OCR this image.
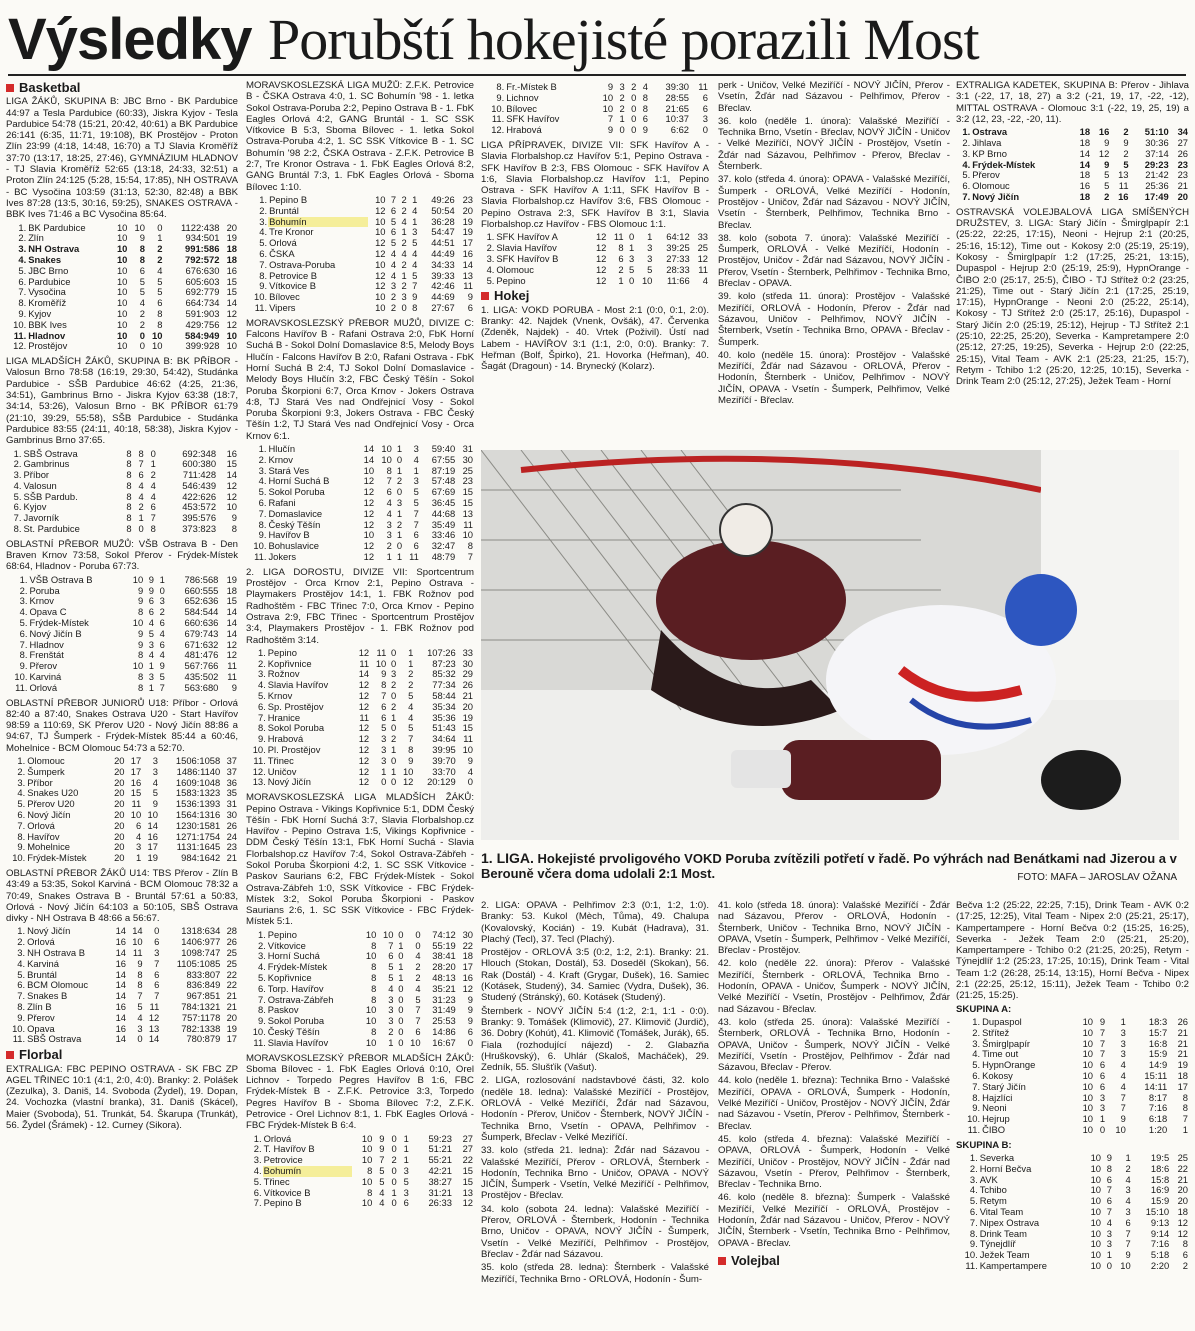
Výsledky Porubští hokejisté porazili Most
Basketbal

LIGA ŽÁKŮ, SKUPINA B: JBC Brno - BK Pardubice 44:97 a Tesla Pardubice (60:33), Jiskra Kyjov - Tesla Pardubice 54:78 (15:21, 20:42, 40:61) a BK Pardubice 26:141 (6:35, 11:71, 19:108), BK Prostějov - Proton Zlín 23:99 (4:18, 14:48, 16:70) a TJ Slavia Kroměříž 37:70 (13:17, 18:25, 27:46), GYMNÁZIUM HLADNOV - TJ Slavia Kroměříž 52:65 (13:18, 24:33, 32:51) a Proton Zlín 24:125 (5:28, 15:54, 17:85), NH OSTRAVA - BC Vysočina 103:59 (31:13, 52:30, 82:48) a BBK Ives 87:28 (13:5, 30:16, 59:25), SNAKES OSTRAVA - BBK Ives 71:46 a BC Vysočina 85:64.

1.	BK Pardubice	10	10	0	1122:438	20
2.	Zlín	10	9	1	934:501	19
3.	NH Ostrava	10	8	2	991:586	18
4.	Snakes	10	8	2	792:572	18
5.	JBC Brno	10	6	4	676:630	16
6.	Pardubice	10	5	5	605:603	15
7.	Vysočina	10	5	5	692:779	15
8.	Kroměříž	10	4	6	664:734	14
9.	Kyjov	10	2	8	591:903	12
10.	BBK Ives	10	2	8	429:756	12
11.	Hladnov	10	0	10	584:949	10
12.	Prostějov	10	0	10	399:928	10

LIGA MLADŠÍCH ŽÁKŮ, SKUPINA B: BK PŘÍBOR - Valosun Brno 78:58 (16:19, 29:30, 54:42), Studánka Pardubice - SŠB Pardubice 46:62 (4:25, 21:36, 34:51), Gambrinus Brno - Jiskra Kyjov 63:38 (18:7, 34:14, 53:26), Valosun Brno - BK PŘÍBOR 61:79 (21:10, 39:29, 55:58), SŠB Pardubice - Studánka Pardubice 83:55 (24:11, 40:18, 58:38), Jiskra Kyjov - Gambrinus Brno 37:65.

1.	SBŠ Ostrava	8	8	0	692:348	16
2.	Gambrinus	8	7	1	600:380	15
3.	Příbor	8	6	2	711:428	14
4.	Valosun	8	4	4	546:439	12
5.	SŠB Pardub.	8	4	4	422:626	12
6.	Kyjov	8	2	6	453:572	10
7.	Javorník	8	1	7	395:576	9
8.	St. Pardubice	8	0	8	373:823	8

OBLASTNÍ PŘEBOR MUŽŮ: VŠB Ostrava B - Den Braven Krnov 73:58, Sokol Přerov - Frýdek-Místek 68:64, Hladnov - Poruba 67:73.

1.	VŠB Ostrava B	10	9	1	786:568	19
2.	Poruba	9	9	0	660:555	18
3.	Krnov	9	6	3	652:636	15
4.	Opava C	8	6	2	584:544	14
5.	Frýdek-Místek	10	4	6	660:636	14
6.	Nový Jičín B	9	5	4	679:743	14
7.	Hladnov	9	3	6	671:632	12
8.	Frenštát	8	4	4	481:476	12
9.	Přerov	10	1	9	567:766	11
10.	Karviná	8	3	5	435:502	11
11.	Orlová	8	1	7	563:680	9

OBLASTNÍ PŘEBOR JUNIORŮ U18: Příbor - Orlová 82:40 a 87:40, Snakes Ostrava U20 - Start Havířov 98:59 a 110:69, SK Přerov U20 - Nový Jičín 88:86 a 94:67, TJ Šumperk - Frýdek-Místek 85:44 a 60:46, Mohelnice - BCM Olomouc 54:73 a 52:70.

1.	Olomouc	20	17	3	1506:1058	37
2.	Šumperk	20	17	3	1486:1140	37
3.	Příbor	20	16	4	1609:1048	36
4.	Snakes U20	20	15	5	1583:1323	35
5.	Přerov U20	20	11	9	1536:1393	31
6.	Nový Jičín	20	10	10	1564:1316	30
7.	Orlová	20	6	14	1230:1581	26
8.	Havířov	20	4	16	1271:1754	24
9.	Mohelnice	20	3	17	1131:1645	23
10.	Frýdek-Místek	20	1	19	984:1642	21

OBLASTNÍ PŘEBOR ŽÁKŮ U14: TBS Přerov - Zlín B 43:49 a 53:35, Sokol Karviná - BCM Olomouc 78:32 a 70:49, Snakes Ostrava B - Bruntál 57:61 a 50:83, Orlová - Nový Jičín 64:103 a 50:105, SBŠ Ostrava divky - NH Ostrava B 48:66 a 56:67.

1.	Nový Jičín	14	14	0	1318:634	28
2.	Orlová	16	10	6	1406:977	26
3.	NH Ostrava B	14	11	3	1098:747	25
4.	Karviná	16	9	7	1105:1085	25
5.	Bruntál	14	8	6	833:807	22
6.	BCM Olomouc	14	8	6	836:849	22
7.	Snakes B	14	7	7	967:851	21
8.	Zlín B	16	5	11	784:1321	21
9.	Přerov	14	4	12	757:1178	20
10.	Opava	16	3	13	782:1338	19
11.	SBŠ Ostrava	14	0	14	780:879	17
Florbal

EXTRALIGA: FBC PEPINO OSTRAVA - SK FBC ZP AGEL TŘINEC 10:1 (4:1, 2:0, 4:0). Branky: 2. Polášek (Zezulka), 3. Daniš, 14. Svoboda (Žydel), 19. Dopan, 24. Vochozka (vlastní branka), 31. Daniš (Skácel), Maier (Svoboda), 51. Trunkát, 54. Škarupa (Trunkát), 56. Žydel (Šrámek) - 12. Curney (Sikora).

MORAVSKOSLEZSKÁ LIGA MUŽŮ: Z.F.K. Petrovice B - ČSKA Ostrava 4:0, 1. SC Bohumín '98 - 1. letka Sokol Ostrava-Poruba 2:2, Pepino Ostrava B - 1. FbK Eagles Orlová 4:2, GANG Bruntál - 1. SC SSK Vítkovice B 5:3, Sboma Bílovec - 1. letka Sokol Ostrava-Poruba 4:2, 1. SC SSK Vítkovice B - 1. SC Bohumín '98 2:2, ČSKA Ostrava - Z.F.K. Petrovice B 2:7, Tre Kronor Ostrava - 1. FbK Eagles Orlová 8:2, GANG Bruntál 7:3, 1. FbK Eagles Orlová - Sboma Bílovec 1:10.

1.	Pepino B	10	7	2	1	49:26	23
2.	Bruntál	12	6	2	4	50:54	20
3.	Bohumín	10	5	4	1	36:28	19
4.	Tre Kronor	10	6	1	3	54:47	19
5.	Orlová	12	5	2	5	44:51	17
6.	ČSKA	12	4	4	4	44:49	16
7.	Ostrava-Poruba	10	4	2	4	34:33	14
8.	Petrovice B	12	4	1	5	39:33	13
9.	Vítkovice B	12	3	2	7	42:46	11
10.	Bílovec	10	2	3	9	44:69	9
11.	Vipers	10	2	0	8	27:67	6

MORAVSKOSLEZSKÝ PŘEBOR MUŽŮ, DIVIZE C: Falcons Havířov B - Rafani Ostrava 2:0, FbK Horní Suchá B - Sokol Dolní Domaslavice 8:5, Melody Boys Hlučín - Falcons Havířov B 2:0, Rafani Ostrava - FbK Horní Suchá B 2:4, TJ Sokol Dolní Domaslavice - Melody Boys Hlučín 3:2, FBC Český Těšín - Sokol Poruba Škorpioni 6:7, Orca Krnov - Jokers Ostrava 4:8, TJ Stará Ves nad Ondřejnicí Vosy - Sokol Poruba Škorpioni 9:3, Jokers Ostrava - FBC Český Těšín 1:2, TJ Stará Ves nad Ondřejnicí Vosy - Orca Krnov 6:1.

1.	Hlučín	14	10	1	3	59:40	31
2.	Krnov	14	10	0	4	67:55	30
3.	Stará Ves	10	8	1	1	87:19	25
4.	Horní Suchá B	12	7	2	3	57:48	23
5.	Sokol Poruba	12	6	0	5	67:69	15
6.	Rafani	12	4	3	5	36:45	15
7.	Domaslavice	12	4	1	7	44:68	13
8.	Český Těšín	12	3	2	7	35:49	11
9.	Havířov B	10	3	1	6	33:46	10
10.	Bohuslavice	12	2	0	6	32:47	8
11.	Jokers	12	1	1	11	48:79	7

2. LIGA DOROSTU, DIVIZE VII: Sportcentrum Prostějov - Orca Krnov 2:1, Pepino Ostrava - Playmakers Prostějov 14:1, 1. FBK Rožnov pod Radhoštěm - FBC Třinec 7:0, Orca Krnov - Pepino Ostrava 2:9, FBC Třinec - Sportcentrum Prostějov 3:4, Playmakers Prostějov - 1. FBK Rožnov pod Radhoštěm 3:14.

1.	Pepino	12	11	0	1	107:26	33
2.	Kopřivnice	11	10	0	1	87:23	30
3.	Rožnov	14	9	3	2	85:32	29
4.	Slavia Havířov	12	8	2	2	77:34	26
5.	Krnov	12	7	0	5	58:44	21
6.	Sp. Prostějov	12	6	2	4	35:34	20
7.	Hranice	11	6	1	4	35:36	19
8.	Sokol Poruba	12	5	0	5	51:43	15
9.	Hrabová	12	3	2	7	34:64	11
10.	Pl. Prostějov	12	3	1	8	39:95	10
11.	Třinec	12	3	0	9	39:70	9
12.	Uničov	12	1	1	10	33:70	4
13.	Nový Jičín	12	0	0	12	20:129	0

MORAVSKOSLEZSKÁ LIGA MLADŠÍCH ŽÁKŮ: Pepino Ostrava - Vikings Kopřivnice 5:1, DDM Český Těšín - FbK Horní Suchá 3:7, Slavia Florbalshop.cz Havířov - Pepino Ostrava 1:5, Vikings Kopřivnice - DDM Český Těšín 13:1, FbK Horní Suchá - Slavia Florbalshop.cz Havířov 7:4, Sokol Ostrava-Zábřeh - Sokol Poruba Škorpioni 4:2, 1. SC SSK Vítkovice - Paskov Saurians 6:2, FBC Frýdek-Místek - Sokol Ostrava-Zábřeh 1:0, SSK Vítkovice - FBC Frýdek-Místek 3:2, Sokol Poruba Škorpioni - Paskov Saurians 2:6, 1. SC SSK Vítkovice - FBC Frýdek-Místek 5:1.

1.	Pepino	10	10	0	0	74:12	30
2.	Vítkovice	8	7	1	0	55:19	22
3.	Horní Suchá	10	6	0	4	38:41	18
4.	Frýdek-Místek	8	5	1	2	28:20	17
5.	Kopřivnice	8	5	1	2	48:13	16
6.	Torp. Havířov	8	4	0	4	35:21	12
7.	Ostrava-Zábřeh	8	3	0	5	31:23	9
8.	Paskov	10	3	0	7	31:49	9
9.	Sokol Poruba	10	3	0	7	25:53	9
10.	Český Těšín	8	2	0	6	14:86	6
11.	Slavia Havířov	10	1	0	10	16:67	0

MORAVSKOSLEZSKÝ PŘEBOR MLADŠÍCH ŽÁKŮ: Sboma Bílovec - 1. FbK Eagles Orlová 0:10, Orel Lichnov - Torpedo Pegres Havířov B 1:6, FBC Frýdek-Místek B - Z.F.K. Petrovice 3:3, Torpedo Pegres Havířov B - Sboma Bílovec 7:2, Z.F.K. Petrovice - Orel Lichnov 8:1, 1. FbK Eagles Orlová - FBC Frýdek-Místek B 6:4.

1.	Orlová	10	9	0	1	59:23	27
2.	T. Havířov B	10	9	0	1	51:21	27
3.	Petrovice	10	7	2	1	55:21	22
4.	Bohumín	8	5	0	3	42:21	15
5.	Třinec	10	5	0	5	38:27	15
6.	Vítkovice B	8	4	1	3	31:21	13
7.	Pepino B	10	4	0	6	26:33	12
8.	Fr.-Místek B	9	3	2	4	39:30	11
9.	Lichnov	10	2	0	8	28:55	6
10.	Bílovec	10	2	0	8	21:65	6
11.	SFK Havířov	7	1	0	6	10:37	3
12.	Hrabová	9	0	0	9	6:62	0

LIGA PŘÍPRAVEK, DIVIZE VII: SFK Havířov A - Slavia Florbalshop.cz Havířov 5:1, Pepino Ostrava - SFK Havířov B 2:3, FBS Olomouc - SFK Havířov A 1:6, Slavia Florbalshop.cz Havířov 1:1, Pepino Ostrava - SFK Havířov A 1:11, SFK Havířov B - Slavia Florbalshop.cz Havířov 3:6, FBS Olomouc - Pepino Ostrava 2:3, SFK Havířov B 3:1, Slavia Florbalshop.cz Havířov - FBS Olomouc 1:1.

1.	SFK Havířov A	12	11	0	1	64:12	33
2.	Slavia Havířov	12	8	1	3	39:25	25
3.	SFK Havířov B	12	6	3	3	27:33	12
4.	Olomouc	12	2	5	5	28:33	11
5.	Pepino	12	1	0	10	11:66	4
Hokej

1. LIGA: VOKD PORUBA - Most 2:1 (0:0, 0:1, 2:0). Branky: 42. Najdek (Vnenk, Ovšák), 47. Červenka (Zdeněk, Najdek) - 40. Vrtek (Poživil). Ústí nad Labem - HAVÍŘOV 3:1 (1:1, 2:0, 0:0). Branky: 7. Heřman (Bolf, Špirko), 21. Hovorka (Heřman), 40. Šagát (Dragoun) - 14. Brynecký (Kolarz).

perk - Uničov, Velké Meziříčí - NOVÝ JIČÍN, Přerov - Vsetín, Žďár nad Sázavou - Pelhřimov, Přerov - Břeclav.

36. kolo (neděle 1. února): Valašské Meziříčí - Technika Brno, Vsetín - Břeclav, NOVÝ JIČÍN - Uničov - Velké Meziříčí, NOVÝ JIČÍN - Prostějov, Vsetín - Žďár nad Sázavou, Pelhřimov - Přerov, Břeclav - Šternberk.

37. kolo (středa 4. února): OPAVA - Valašské Meziříčí, Šumperk - ORLOVÁ, Velké Meziříčí - Hodonín, Prostějov - Uničov, Žďár nad Sázavou - NOVÝ JIČÍN, Vsetín - Šternberk, Pelhřimov, Technika Brno - Břeclav.

38. kolo (sobota 7. února): Valašské Meziříčí - Šumperk, ORLOVÁ - Velké Meziříčí, Hodonín - Prostějov, Uničov - Žďár nad Sázavou, NOVÝ JIČÍN - Přerov, Vsetín - Šternberk, Pelhřimov - Technika Brno, Břeclav - OPAVA.

39. kolo (středa 11. února): Prostějov - Valašské Meziříčí, ORLOVÁ - Hodonín, Přerov - Žďár nad Sázavou, Uničov - Pelhřimov, NOVÝ JIČÍN - Šternberk, Vsetín - Technika Brno, OPAVA - Břeclav - Šumperk.

40. kolo (neděle 15. února): Prostějov - Valašské Meziříčí, Žďár nad Sázavou - ORLOVÁ, Přerov - Hodonín, Šternberk - Uničov, Pelhřimov - NOVÝ JIČÍN, OPAVA - Vsetín - Šumperk, Pelhřimov, Velké Meziříčí - Břeclav.

EXTRALIGA KADETEK, SKUPINA B: Přerov - Jihlava 3:1 (-22, 17, 18, 27) a 3:2 (-21, 19, 17, -22, -12), MITTAL OSTRAVA - Olomouc 3:1 (-22, 19, 25, 19) a 3:2 (12, 23, -22, -20, 11).

1.	Ostrava	18	16	2	51:10	34
2.	Jihlava	18	9	9	30:36	27
3.	KP Brno	14	12	2	37:14	26
4.	Frýdek-Místek	14	9	5	29:23	23
5.	Přerov	18	5	13	21:42	23
6.	Olomouc	16	5	11	25:36	21
7.	Nový Jičín	18	2	16	17:49	20

OSTRAVSKÁ VOLEJBALOVÁ LIGA SMÍŠENÝCH DRUŽSTEV, 3. LIGA: Starý Jičín - Šmirglpapír 2:1 (25:22, 22:25, 17:15), Neoni - Hejrup 2:1 (20:25, 25:16, 15:12), Time out - Kokosy 2:0 (25:19, 25:19), Kokosy - Šmirglpapír 1:2 (17:25, 25:21, 13:15), Dupaspol - Hejrup 2:0 (25:19, 25:9), HypnOrange - ČIBO 2:0 (25:17, 25:5), ČIBO - TJ Střítež 0:2 (23:25, 21:25), Time out - Starý Jičín 2:1 (17:25, 25:19, 17:15), HypnOrange - Neoni 2:0 (25:22, 25:14), Kokosy - TJ Střítež 2:0 (25:17, 25:16), Dupaspol - Starý Jičín 2:0 (25:19, 25:12), Hejrup - TJ Střítež 2:1 (25:10, 22:25, 25:20), Severka - Kampretampere 2:0 (25:12, 27:25, 19:25), Severka - Hejrup 2:0 (22:25, 25:15), Vital Team - AVK 2:1 (25:23, 21:25, 15:7), Retym - Tchibo 1:2 (25:20, 12:25, 10:15), Severka - Drink Team 2:0 (25:12, 27:25), Ježek Team - Horní

1. LIGA. Hokejisté prvoligového VOKD Poruba zvítězili potřetí v řadě. Po výhrách nad Benátkami nad Jizerou a v Berouně včera doma udolali 2:1 Most.	FOTO: MAFA – JAROSLAV OŽANA

2. LIGA: OPAVA - Pelhřimov 2:3 (0:1, 1:2, 1:0). Branky: 53. Kukol (Mèch, Tůma), 49. Chalupa (Kovalovský, Kocián) - 19. Kubát (Hadrava), 31. Plachý (Tecl), 37. Tecl (Plachý).

Prostějov - ORLOVÁ 3:5 (0:2, 1:2, 2:1). Branky: 21. Hlouch (Stokan, Dostál), 53. Doseděl (Skokan), 56. Rak (Dostál) - 4. Kraft (Grygar, Dušek), 16. Samiec (Kotásek, Studený), 34. Samiec (Vydra, Dušek), 36. Studený (Stránský), 60. Kotásek (Studený).

Šternberk - NOVÝ JIČÍN 5:4 (1:2, 2:1, 1:1 - 0:0). Branky: 9. Tomášek (Klimovič), 27. Klimovič (Jurdič), 36. Dobry (Kohút), 41. Klimovič (Tomášek, Jurák), 65. Fiala (rozhodující nájezd) - 2. Glabazňa (Hruškovský), 6. Uhlár (Skaloš, Macháček), 29. Zedník, 55. Slušťík (Vašut).

2. LIGA, rozlosování nadstavbové části, 32. kolo (neděle 18. ledna): Valašské Meziříčí - Prostějov, ORLOVÁ - Velké Meziříčí, Žďár nad Sázavou, Hodonín - Přerov, Uničov - Šternberk, NOVÝ JIČÍN - Technika Brno, Vsetín - OPAVA, Pelhřimov - Šumperk, Břeclav - Velké Meziříčí.

33. kolo (středa 21. ledna): Žďár nad Sázavou - Valašské Meziříčí, Přerov - ORLOVÁ, Šternberk - Hodonín, Technika Brno - Uničov, OPAVA - NOVÝ JIČÍN, Šumperk - Vsetín, Velké Meziříčí - Pelhřimov, Prostějov - Břeclav.

34. kolo (sobota 24. ledna): Valašské Meziříčí - Přerov, ORLOVÁ - Šternberk, Hodonín - Technika Brno, Uničov - OPAVA, NOVÝ JIČÍN - Šumperk, Vsetín - Velké Meziříčí, Pelhřimov - Prostějov, Břeclav - Žďár nad Sázavou.

35. kolo (středa 28. ledna): Šternberk - Valašské Meziříčí, Technika Brno - ORLOVÁ, Hodonín - Šum-

41. kolo (středa 18. února): Valašské Meziříčí - Žďár nad Sázavou, Přerov - ORLOVÁ, Hodonín - Šternberk, Uničov - Technika Brno, NOVÝ JIČÍN - OPAVA, Vsetín - Šumperk, Pelhřimov - Velké Meziříčí, Břeclav - Prostějov.

42. kolo (neděle 22. února): Přerov - Valašské Meziříčí, Šternberk - ORLOVÁ, Technika Brno - Hodonín, OPAVA - Uničov, Šumperk - NOVÝ JIČÍN, Velké Meziříčí - Vsetín, Prostějov - Pelhřimov, Žďár nad Sázavou - Břeclav.

43. kolo (středa 25. února): Valašské Meziříčí - Šternberk, ORLOVÁ - Technika Brno, Hodonín - OPAVA, Uničov - Šumperk, NOVÝ JIČÍN - Velké Meziříčí, Vsetín - Prostějov, Pelhřimov - Žďár nad Sázavou, Břeclav - Přerov.

44. kolo (neděle 1. března): Technika Brno - Valašské Meziříčí, OPAVA - ORLOVÁ, Šumperk - Hodonín, Velké Meziříčí - Uničov, Prostějov - NOVÝ JIČÍN, Žďár nad Sázavou - Vsetín, Přerov - Pelhřimov, Šternberk - Břeclav.

45. kolo (středa 4. března): Valašské Meziříčí - OPAVA, ORLOVÁ - Šumperk, Hodonín - Velké Meziříčí, Uničov - Prostějov, NOVÝ JIČÍN - Žďár nad Sázavou, Vsetín - Přerov, Pelhřimov - Šternberk, Břeclav - Technika Brno.

46. kolo (neděle 8. března): Šumperk - Valašské Meziříčí, Velké Meziříčí - ORLOVÁ, Prostějov - Hodonín, Žďár nad Sázavou - Uničov, Přerov - NOVÝ JIČÍN, Šternberk - Vsetín, Technika Brno - Pelhřimov, OPAVA - Břeclav.

Volejbal

Bečva 1:2 (25:22, 22:25, 7:15), Drink Team - AVK 0:2 (17:25, 12:25), Vital Team - Nipex 2:0 (25:21, 25:17), Kampertampere - Horní Bečva 0:2 (15:25, 16:25), Severka - Ježek Team 2:0 (25:21, 25:20), Kampertampere - Tchibo 0:2 (21:25, 20:25), Retym - Týnejdlíř 1:2 (25:23, 17:25, 10:15), Drink Team - Vital Team 1:2 (26:28, 25:14, 13:15), Horní Bečva - Nipex 2:1 (22:25, 25:12, 15:11), Ježek Team - Tchibo 0:2 (21:25, 15:25).

SKUPINA A:
1.	Dupaspol	10	9	1	18:3	26
2.	Střítež	10	7	3	15:7	21
3.	Šmirglpapír	10	7	3	16:8	21
4.	Time out	10	7	3	15:9	21
5.	HypnOrange	10	6	4	14:9	19
6.	Kokosy	10	6	4	15:11	18
7.	Starý Jičín	10	6	4	14:11	17
8.	Hajzlíci	10	3	7	8:17	8
9.	Neoni	10	3	7	7:16	8
10.	Hejrup	10	1	9	6:18	7
11.	ČIBO	10	0	10	1:20	1
SKUPINA B:
1.	Severka	10	9	1	19:5	25
2.	Horní Bečva	10	8	2	18:6	22
3.	AVK	10	6	4	15:8	21
4.	Tchibo	10	7	3	16:9	20
5.	Retym	10	6	4	15:9	20
6.	Vital Team	10	7	3	15:10	18
7.	Nipex Ostrava	10	4	6	9:13	12
8.	Drink Team	10	3	7	9:14	12
9.	Týnejdlíř	10	3	7	7:16	8
10.	Ježek Team	10	1	9	5:18	6
11.	Kampertampere	10	0	10	2:20	2
